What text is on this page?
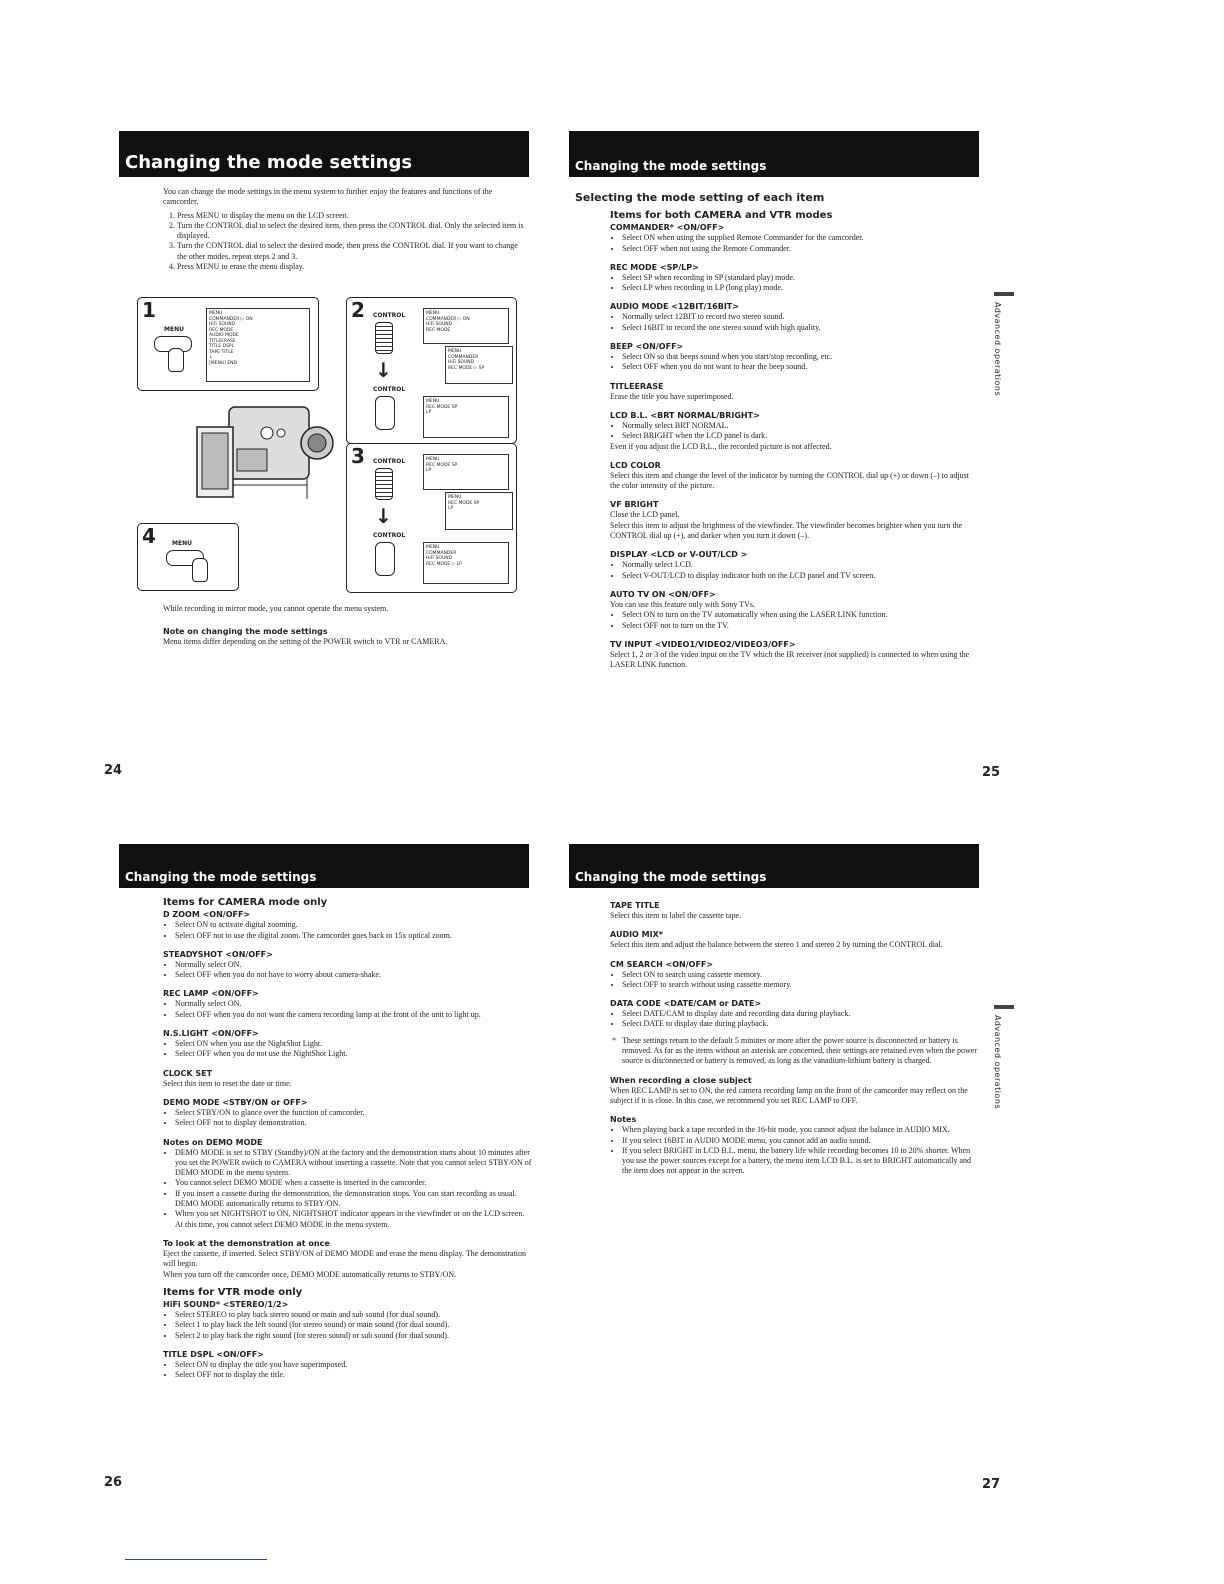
Changing the mode settings

You can change the mode settings in the menu system to further enjoy the features and functions of the camcorder.

1. Press MENU to display the menu on the LCD screen.
2. Turn the CONTROL dial to select the desired item, then press the CONTROL dial. Only the selected item is displayed.
3. Turn the CONTROL dial to select the desired mode, then press the CONTROL dial. If you want to change the other modes, repeat steps 2 and 3.
4. Press MENU to erase the menu display.
1
MENU
MENU
COMMANDER ▷ ON
HiFi SOUND
REC MODE
AUDIO MODE
TITLEERASE
TITLE DSPL
TAPE TITLE
↓
[MENU] END
4	MENU
2 CONTROL
↓
CONTROL
MENU
COMMANDER ▷ ON
HiFi SOUND
REC MODE
MENU
COMMANDER
HiFi SOUND
REC MODE ▷ SP
MENU
REC MODE SP
LP
3 CONTROL
↓
CONTROL
MENU
REC MODE SP
LP
MENU
REC MODE SP
LP
MENU
COMMANDER
HiFi SOUND
REC MODE ▷ LP

While recording in mirror mode, you cannot operate the menu system.

Note on changing the mode settings

Menu items differ depending on the setting of the POWER switch to VTR or CAMERA.

24
Changing the mode settings
Selecting the mode setting of each item
Items for both CAMERA and VTR modes
COMMANDER* <ON/OFF>
• Select ON when using the supplied Remote Commander for the camcorder.
• Select OFF when not using the Remote Commander.
REC MODE <SP/LP>
• Select SP when recording in SP (standard play) mode.
• Select LP when recording in LP (long play) mode.
AUDIO MODE <12BIT/16BIT>
• Normally select 12BIT to record two stereo sound.
• Select 16BIT to record the one stereo sound with high quality.
BEEP <ON/OFF>
• Select ON so that beeps sound when you start/stop recording, etc.
• Select OFF when you do not want to hear the beep sound.
TITLEERASE

Erase the title you have superimposed.

LCD B.L. <BRT NORMAL/BRIGHT>
• Normally select BRT NORMAL.
• Select BRIGHT when the LCD panel is dark.

Even if you adjust the LCD B.L., the recorded picture is not affected.

LCD COLOR

Select this item and change the level of the indicator by turning the CONTROL dial up (+) or down (–) to adjust the color intensity of the picture.

VF BRIGHT

Close the LCD panel.

Select this item to adjust the brightness of the viewfinder. The viewfinder becomes brighter when you turn the CONTROL dial up (+), and darker when you turn it down (–).

DISPLAY <LCD or V-OUT/LCD >
• Normally select LCD.
• Select V-OUT/LCD to display indicator both on the LCD panel and TV screen.
AUTO TV ON <ON/OFF>

You can use this feature only with Sony TVs.

• Select ON to turn on the TV automatically when using the LASER LINK function.
• Select OFF not to turn on the TV.
TV INPUT <VIDEO1/VIDEO2/VIDEO3/OFF>

Select 1, 2 or 3 of the video input on the TV which the IR receiver (not supplied) is connected to when using the LASER LINK function.

Advanced operations
25
Changing the mode settings
Items for CAMERA mode only
D ZOOM <ON/OFF>
• Select ON to activate digital zooming.
• Select OFF not to use the digital zoom. The camcorder goes back to 15x optical zoom.
STEADYSHOT <ON/OFF>
• Normally select ON.
• Select OFF when you do not have to worry about camera-shake.
REC LAMP <ON/OFF>
• Normally select ON.
• Select OFF when you do not want the camera recording lamp at the front of the unit to light up.
N.S.LIGHT <ON/OFF>
• Select ON when you use the NightShot Light.
• Select OFF when you do not use the NightShot Light.
CLOCK SET

Select this item to reset the date or time.

DEMO MODE <STBY/ON or OFF>
• Select STBY/ON to glance over the function of camcorder.
• Select OFF not to display demonstration.
Notes on DEMO MODE
• DEMO MODE is set to STBY (Standby)/ON at the factory and the demonstration starts about 10 minutes after you set the POWER switch to CAMERA without inserting a cassette. Note that you cannot select STBY/ON of DEMO MODE in the menu system.
• You cannot select DEMO MODE when a cassette is inserted in the camcorder.
• If you insert a cassette during the demonstration, the demonstration stops. You can start recording as usual. DEMO MODE automatically returns to STBY/ON.
• When you set NIGHTSHOT to ON, NIGHTSHOT indicator appears in the viewfinder or on the LCD screen. At this time, you cannot select DEMO MODE in the menu system.
To look at the demonstration at once

Eject the cassette, if inserted. Select STBY/ON of DEMO MODE and erase the menu display. The demonstration will begin.

When you turn off the camcorder once, DEMO MODE automatically returns to STBY/ON.

Items for VTR mode only
HiFi SOUND* <STEREO/1/2>
• Select STEREO to play back stereo sound or main and sub sound (for dual sound).
• Select 1 to play back the left sound (for stereo sound) or main sound (for dual sound).
• Select 2 to play back the right sound (for stereo sound) or sub sound (for dual sound).
TITLE DSPL <ON/OFF>
• Select ON to display the title you have superimposed.
• Select OFF not to display the title.
26
Changing the mode settings
TAPE TITLE

Select this item to label the cassette tape.

AUDIO MIX*

Select this item and adjust the balance between the stereo 1 and stereo 2 by turning the CONTROL dial.

CM SEARCH <ON/OFF>
• Select ON to search using cassette memory.
• Select OFF to search without using cassette memory.
DATA CODE <DATE/CAM or DATE>
• Select DATE/CAM to display date and recording data during playback.
• Select DATE to display date during playback.

* These settings return to the default 5 minutes or more after the power source is disconnected or battery is removed. As far as the items without an asterisk are concerned, their settings are retained even when the power source is disconnected or battery is removed, as long as the vanadium-lithium battery is charged.

When recording a close subject

When REC LAMP is set to ON, the red camera recording lamp on the front of the camcorder may reflect on the subject if it is close. In this case, we recommend you set REC LAMP to OFF.

Notes
• When playing back a tape recorded in the 16-bit mode, you cannot adjust the balance in AUDIO MIX.
• If you select 16BIT in AUDIO MODE menu, you cannot add an audio sound.
• If you select BRIGHT in LCD B.L. menu, the battery life while recording becomes 10 to 20% shorter. When you use the power sources except for a battery, the menu item LCD B.L. is set to BRIGHT automatically and the item does not appear in the screen.
Advanced operations
27
